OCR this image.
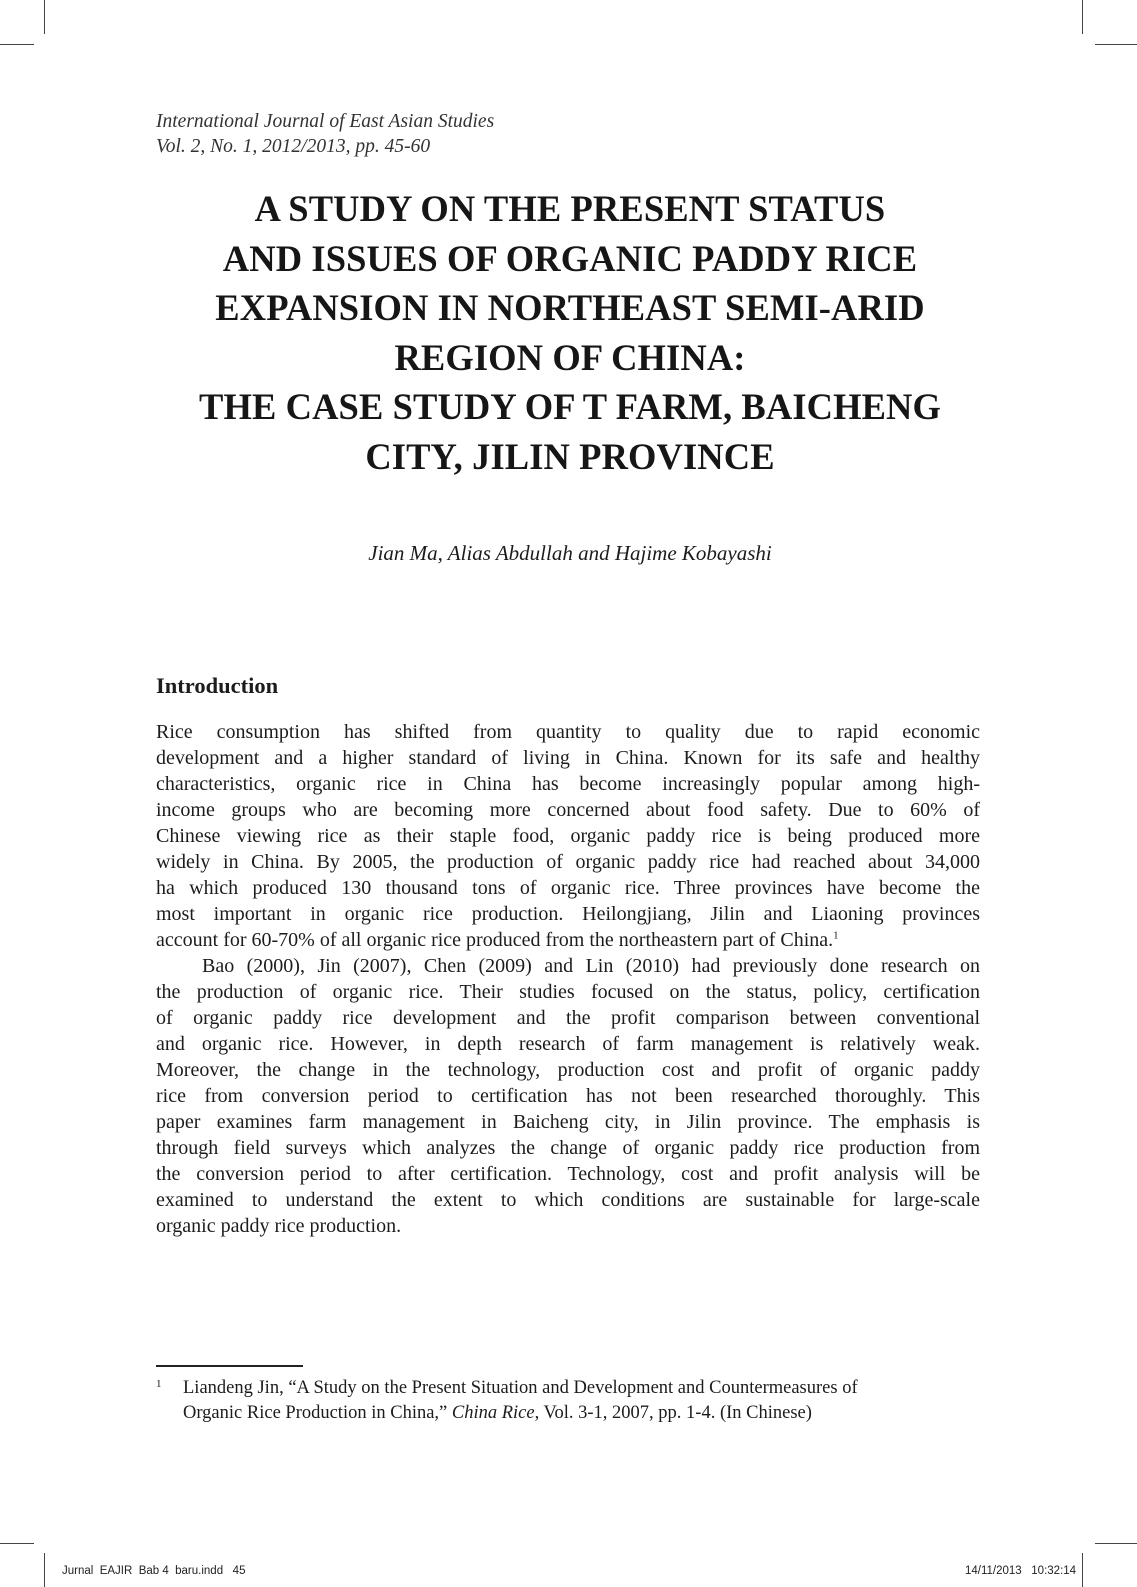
International Journal of East Asian Studies
Vol. 2, No. 1, 2012/2013, pp. 45-60
A STUDY ON THE PRESENT STATUS
AND ISSUES OF ORGANIC PADDY RICE
EXPANSION IN NORTHEAST SEMI-ARID
REGION OF CHINA:
THE CASE STUDY OF T FARM, BAICHENG
CITY, JILIN PROVINCE
Jian Ma, Alias Abdullah and Hajime Kobayashi
Introduction
Rice consumption has shifted from quantity to quality due to rapid economic
development and a higher standard of living in China. Known for its safe and healthy
characteristics, organic rice in China has become increasingly popular among high-
income groups who are becoming more concerned about food safety. Due to 60% of
Chinese viewing rice as their staple food, organic paddy rice is being produced more
widely in China. By 2005, the production of organic paddy rice had reached about 34,000
ha which produced 130 thousand tons of organic rice. Three provinces have become the
most important in organic rice production. Heilongjiang, Jilin and Liaoning provinces
account for 60-70% of all organic rice produced from the northeastern part of China.$^1$
Bao (2000), Jin (2007), Chen (2009) and Lin (2010) had previously done research on
the production of organic rice. Their studies focused on the status, policy, certification
of organic paddy rice development and the profit comparison between conventional
and organic rice. However, in depth research of farm management is relatively weak.
Moreover, the change in the technology, production cost and profit of organic paddy
rice from conversion period to certification has not been researched thoroughly. This
paper examines farm management in Baicheng city, in Jilin province. The emphasis is
through field surveys which analyzes the change of organic paddy rice production from
the conversion period to after certification. Technology, cost and profit analysis will be
examined to understand the extent to which conditions are sustainable for large-scale
organic paddy rice production.
1	Liandeng Jin, “A Study on the Present Situation and Development and Countermeasures of
Organic Rice Production in China,” China Rice, Vol. 3-1, 2007, pp. 1-4. (In Chinese)
Jurnal  EAJIR  Bab 4  baru.indd   45	14/11/2013   10:32:14
